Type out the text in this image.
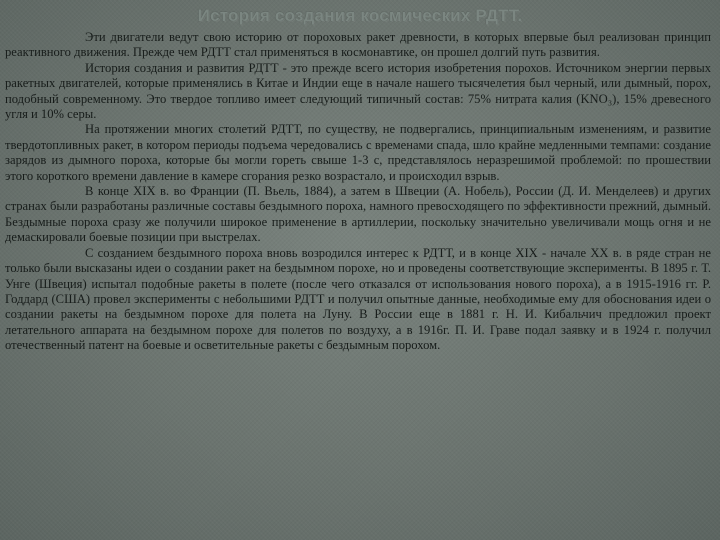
История создания космических РДТТ.

Эти двигатели ведут свою историю от пороховых ракет древности, в которых впервые был реализован принцип реактивного движения. Прежде чем РДТТ стал применяться в космонавтике, он прошел долгий путь развития.

История создания и развития РДТТ - это прежде всего история изобретения порохов. Источником энергии первых ракетных двигателей, которые применялись в Китае и Индии еще в начале нашего тысячелетия был черный, или дымный, порох, подобный современному. Это твердое топливо имеет следующий типичный состав: 75% нитрата калия (KNO₃), 15% древесного угля и 10% серы.

На протяжении многих столетий РДТТ, по существу, не подвергались, принципиальным изменениям, и развитие твердотопливных ракет, в котором периоды подъема чередовались с временами спада, шло крайне медленными темпами: создание зарядов из дымного пороха, которые бы могли гореть свыше 1-3 с, представлялось неразрешимой проблемой: по прошествии этого короткого времени давление в камере сгорания резко возрастало, и происходил взрыв.

В конце XIX в. во Франции (П. Вьель, 1884), а затем в Швеции (А. Нобель), России (Д. И. Менделеев) и других странах были разработаны различные составы бездымного пороха, намного превосходящего по эффективности прежний, дымный. Бездымные пороха сразу же получили широкое применение в артиллерии, поскольку значительно увеличивали мощь огня и не демаскировали боевые позиции при выстрелах.

С созданием бездымного пороха вновь возродился интерес к РДТТ, и в конце XIX - начале XX в. в ряде стран не только были высказаны идеи о создании ракет на бездымном порохе, но и проведены соответствующие эксперименты. В 1895 г. Т. Унге (Швеция) испытал подобные ракеты в полете (после чего отказался от использования нового пороха), а в 1915-1916 гг. Р. Годдард (США) провел эксперименты с небольшими РДТТ и получил опытные данные, необходимые ему для обоснования идеи о создании ракеты на бездымном порохе для полета на Луну. В России еще в 1881 г. Н. И. Кибальчич предложил проект летательного аппарата на бездымном порохе для полетов по воздуху, а в 1916г. П. И. Граве подал заявку и в 1924 г. получил отечественный патент на боевые и осветительные ракеты с бездымным порохом.
